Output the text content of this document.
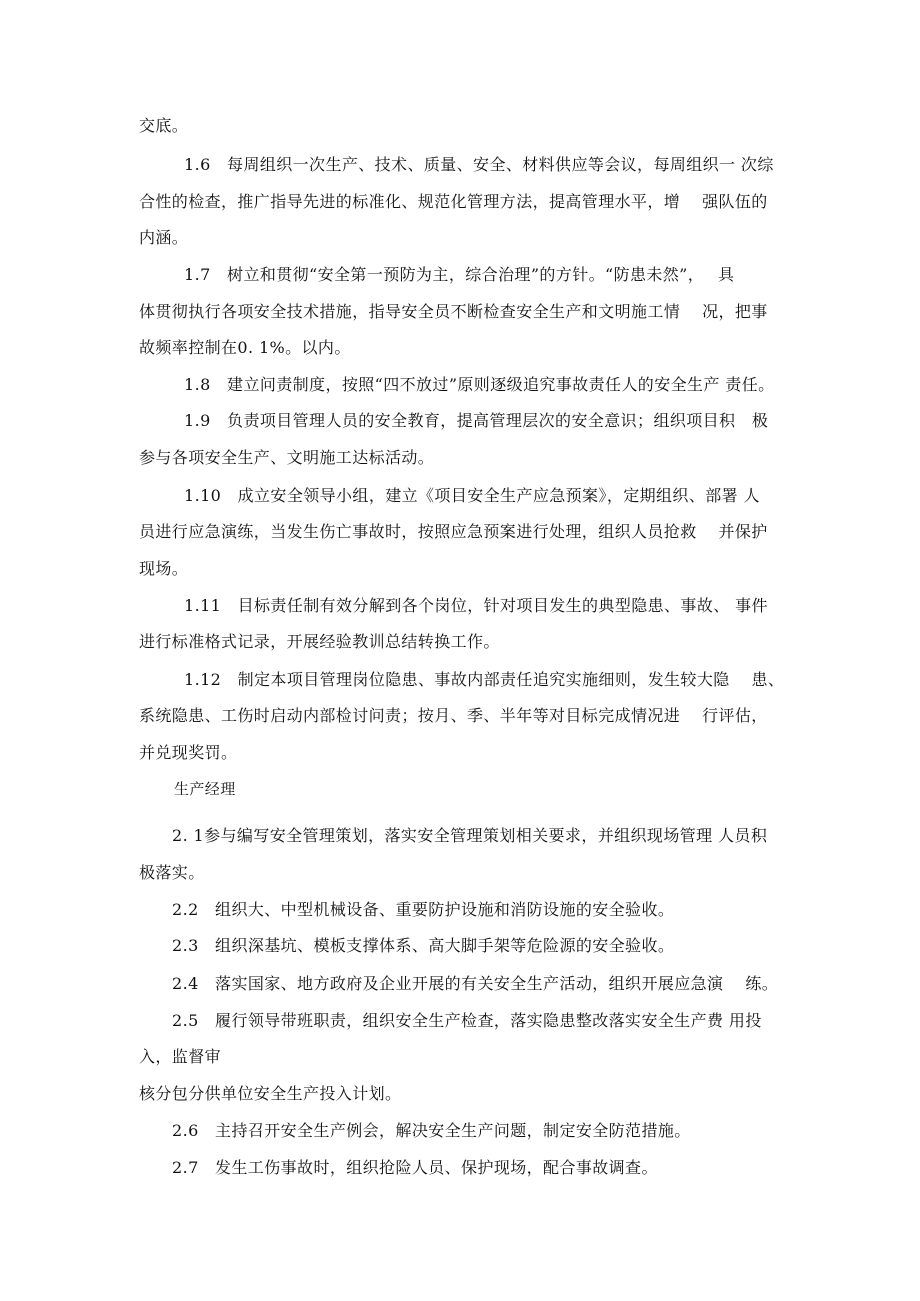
交底。
1.6　每周组织一次生产、技术、质量、安全、材料供应等会议，每周组织一 次综
合性的检查，推广指导先进的标准化、规范化管理方法，提高管理水平，增　 强队伍的
内涵。
1.7　树立和贯彻“安全第一预防为主，综合治理”的方针。“防患未然”，　 具
体贯彻执行各项安全技术措施，指导安全员不断检查安全生产和文明施工情　 况，把事
故频率控制在0. 1%。以内。
1.8　建立问责制度，按照“四不放过”原则逐级追究事故责任人的安全生产 责任。
1.9　负责项目管理人员的安全教育，提高管理层次的安全意识；组织项目积　极
参与各项安全生产、文明施工达标活动。
1.10　成立安全领导小组，建立《项目安全生产应急预案》，定期组织、部署 人
员进行应急演练，当发生伤亡事故时，按照应急预案进行处理，组织人员抢救　 并保护
现场。
1.11　目标责任制有效分解到各个岗位，针对项目发生的典型隐患、事故、 事件
进行标准格式记录，开展经验教训总结转换工作。
1.12　制定本项目管理岗位隐患、事故内部责任追究实施细则，发生较大隐　 患、
系统隐患、工伤时启动内部检讨问责；按月、季、半年等对目标完成情况进　 行评估，
并兑现奖罚。
生产经理
2. 1参与编写安全管理策划，落实安全管理策划相关要求，并组织现场管理 人员积
极落实。
2.2　组织大、中型机械设备、重要防护设施和消防设施的安全验收。
2.3　组织深基坑、模板支撑体系、高大脚手架等危险源的安全验收。
2.4　落实国家、地方政府及企业开展的有关安全生产活动，组织开展应急演　 练。
2.5　履行领导带班职责，组织安全生产检查，落实隐患整改落实安全生产费 用投
入，监督审
核分包分供单位安全生产投入计划。
2.6　主持召开安全生产例会，解决安全生产问题，制定安全防范措施。
2.7　发生工伤事故时，组织抢险人员、保护现场，配合事故调查。
